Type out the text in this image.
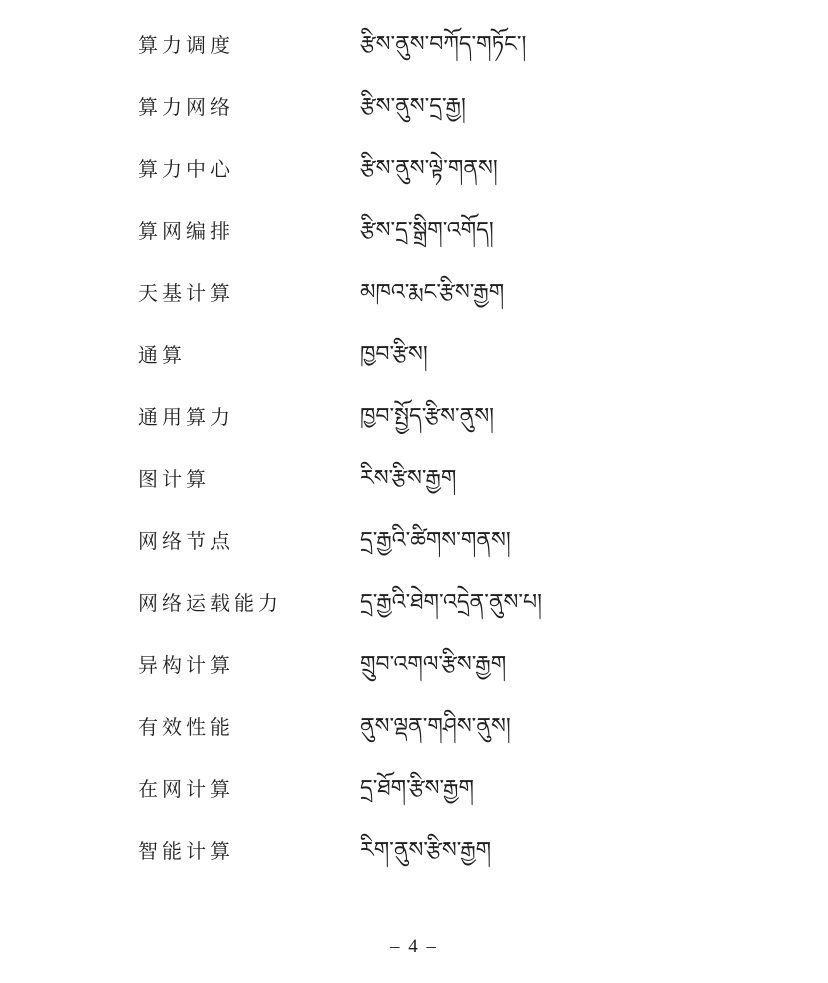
算力调度	རྩིས་ནུས་བཀོད་གཏོང་།
算力网络	རྩིས་ནུས་དྲ་རྒྱ།
算力中心	རྩིས་ནུས་ལྟེ་གནས།
算网编排	རྩིས་དྲ་སྒྲིག་འགོད།
天基计算	མཁའ་རྨང་རྩིས་རྒྱག
通算	ཁྱབ་རྩིས།
通用算力	ཁྱབ་སྤྱོད་རྩིས་ནུས།
图计算	རིས་རྩིས་རྒྱག
网络节点	དྲ་རྒྱའི་ཚིགས་གནས།
网络运载能力	དྲ་རྒྱའི་ཐེག་འདྲེན་ནུས་པ།
异构计算	གྲུབ་འགལ་རྩིས་རྒྱག
有效性能	ནུས་ལྡན་གཤིས་ནུས།
在网计算	དྲ་ཐོག་རྩིས་རྒྱག
智能计算	རིག་ནུས་རྩིས་རྒྱག
– 4 –
